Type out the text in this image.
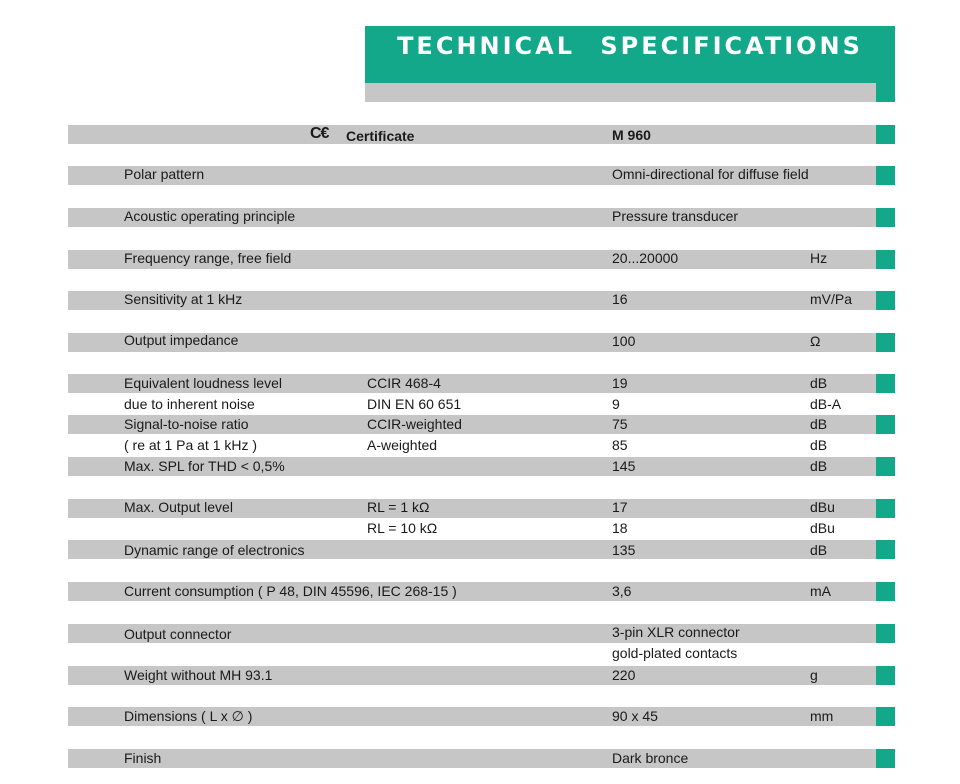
TECHNICAL SPECIFICATIONS
C€ Certificate	M 960
Polar pattern	Omni-directional for diffuse field
Acoustic operating principle	Pressure transducer
Frequency range, free field	20...20000	Hz
Sensitivity at 1 kHz	16	mV/Pa
Output impedance	100	Ω
Equivalent loudness level	CCIR 468-4	19	dB
due to inherent noise	DIN EN 60 651	9	dB-A
Signal-to-noise ratio	CCIR-weighted	75	dB
( re at 1 Pa at 1 kHz )	A-weighted	85	dB
Max. SPL for THD < 0,5%	145	dB
Max. Output level	RL = 1 kΩ	17	dBu
RL = 10 kΩ	18	dBu
Dynamic range of electronics	135	dB
Current consumption ( P 48, DIN 45596, IEC 268-15 )	3,6	mA
Output connector	3-pin XLR connector
gold-plated contacts
Weight without MH 93.1	220	g
Dimensions ( L x ∅ )	90 x 45	mm
Finish	Dark bronce
